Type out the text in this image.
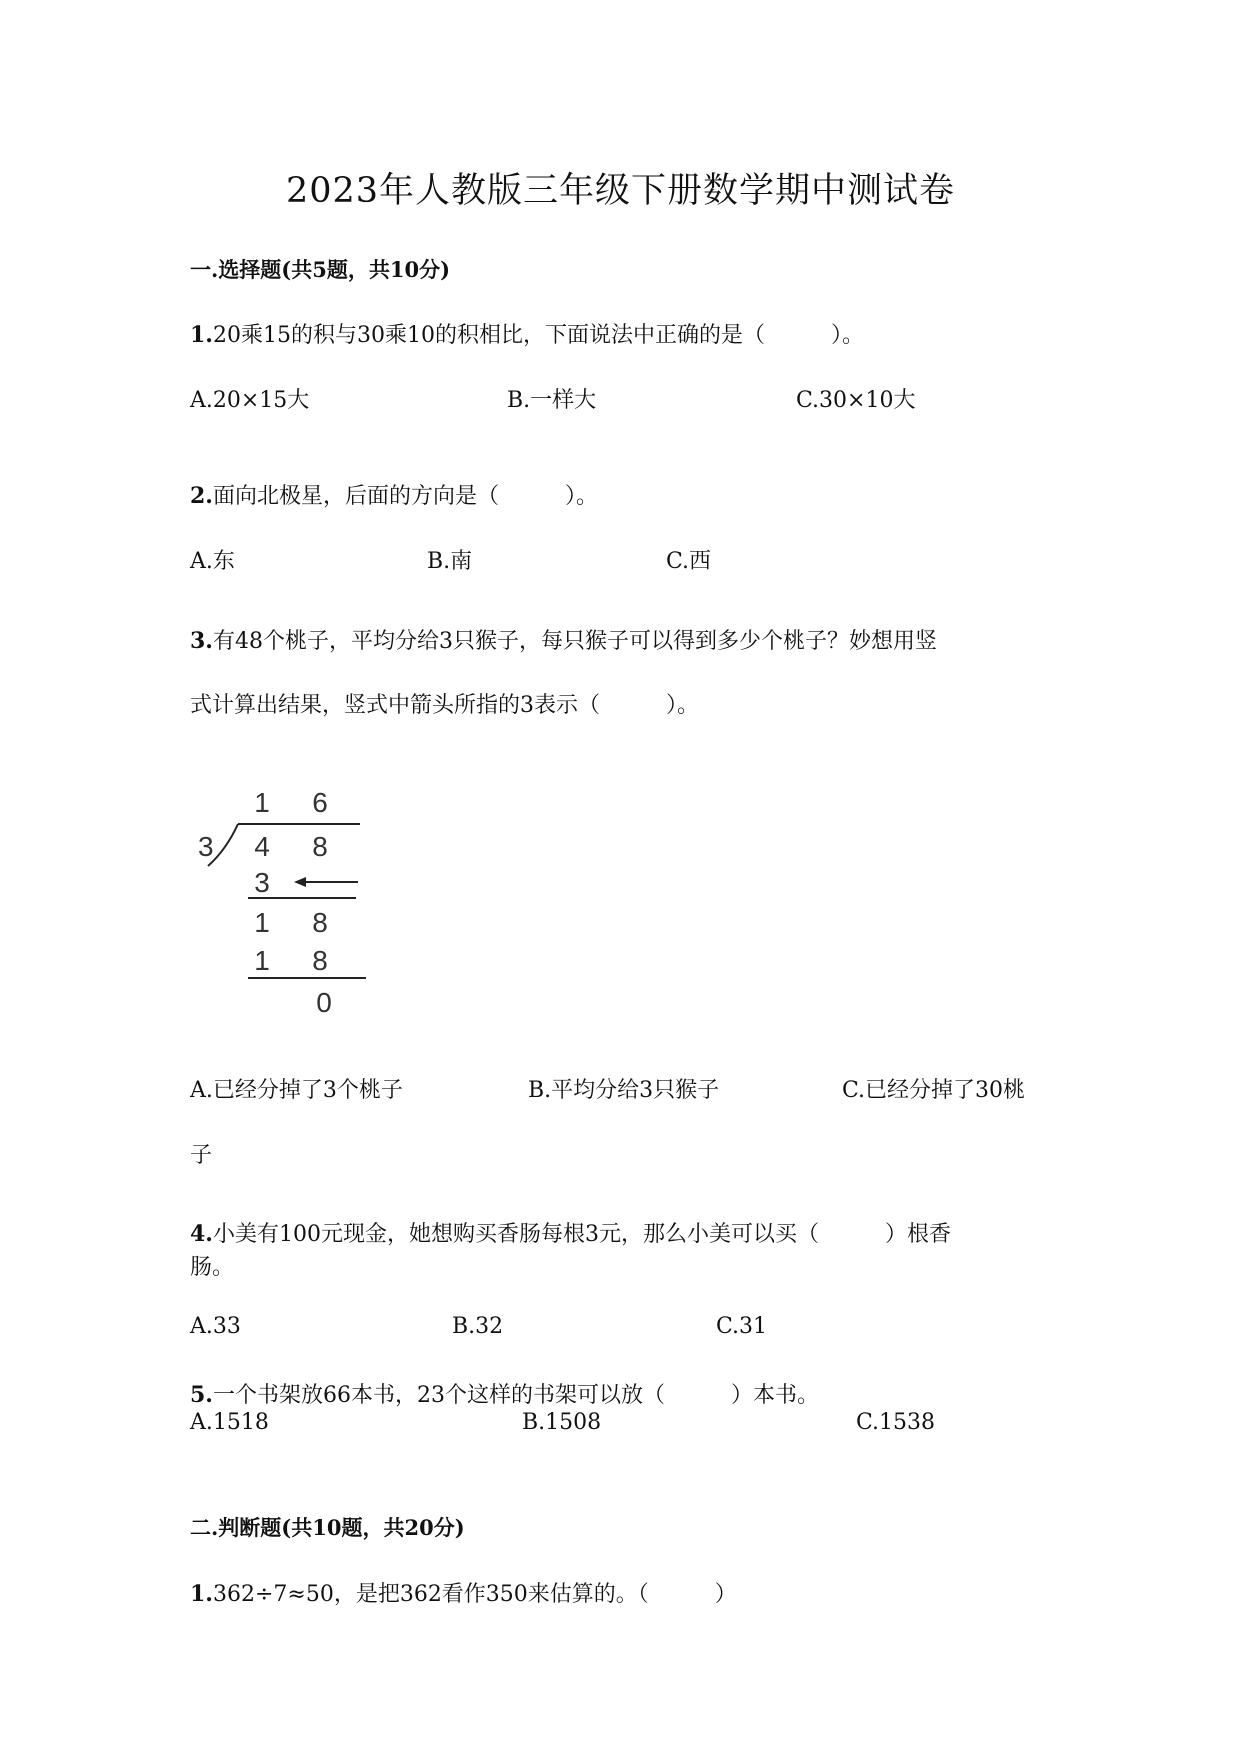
2023年人教版三年级下册数学期中测试卷
一.选择题(共5题，共10分)
1.20乘15的积与30乘10的积相比，下面说法中正确的是（　　　）。
A.20×15大	B.一样大	C.30×10大
2.面向北极星，后面的方向是（　　　）。
A.东	B.南	C.西
3.有48个桃子，平均分给3只猴子，每只猴子可以得到多少个桃子？妙想用竖
式计算出结果，竖式中箭头所指的3表示（　　　）。
1 6
3 4 8
3
1 8
1 8
0
A.已经分掉了3个桃子	B.平均分给3只猴子	C.已经分掉了30桃
子
4.小美有100元现金，她想购买香肠每根3元，那么小美可以买（　　　）根香
肠。
A.33	B.32	C.31
5.一个书架放66本书，23个这样的书架可以放（　　　）本书。
A.1518	B.1508	C.1538
二.判断题(共10题，共20分)
1.362÷7≈50，是把362看作350来估算的。（　　　）
